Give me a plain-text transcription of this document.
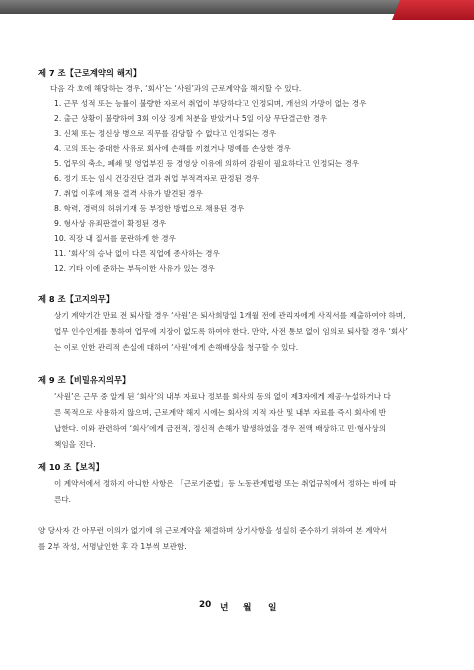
제 7 조【근로계약의 해지】
다음 각 호에 해당하는 경우, ‘회사’는 ‘사원’과의 근로계약을 해지할 수 있다.
1. 근무 성적 또는 능률이 불량한 자로서 취업이 부당하다고 인정되며, 개선의 가망이 없는 경우
2. 출근 상황이 불량하여 3회 이상 징계 처분을 받았거나 5일 이상 무단결근한 경우
3. 신체 또는 정신상 병으로 직무를 감당할 수 없다고 인정되는 경우
4. 고의 또는 중대한 사유로 회사에 손해를 끼쳤거나 명예를 손상한 경우
5. 업무의 축소, 폐쇄 및 영업부진 등 경영상 이유에 의하여 감원이 필요하다고 인정되는 경우
6. 정기 또는 임시 건강진단 결과 취업 부적격자로 판정된 경우
7. 취업 이후에 채용 결격 사유가 발견된 경우
8. 학력, 경력의 허위기재 등 부정한 방법으로 채용된 경우
9. 형사상 유죄판결이 확정된 경우
10. 직장 내 질서를 문란하게 한 경우
11. ‘회사’의 승낙 없이 다른 직업에 종사하는 경우
12. 기타 이에 준하는 부득이한 사유가 있는 경우
제 8 조【고지의무】
상기 계약기간 만료 전 퇴사할 경우 ‘사원’은 퇴사희망일 1개월 전에 관리자에게 사직서를 제출하여야 하며,
업무 인수인계를 통하여 업무에 지장이 없도록 하여야 한다. 만약, 사전 통보 없이 임의로 퇴사할 경우 ‘회사’
는 이로 인한 관리적 손실에 대하여 ‘사원’에게 손해배상을 청구할 수 있다.
제 9 조【비밀유지의무】
‘사원’은 근무 중 알게 된 ‘회사’의 내부 자료나 정보를 회사의 동의 없이 제3자에게 제공·누설하거나 다
른 목적으로 사용하지 않으며, 근로계약 해지 시에는 회사의 지적 자산 및 내부 자료를 즉시 회사에 반
납한다. 이와 관련하여 ‘회사’에게 금전적, 정신적 손해가 발생하였을 경우 전액 배상하고 민·형사상의
책임을 진다.
제 10 조【보칙】
이 계약서에서 정하지 아니한 사항은 「근로기준법」등 노동관계법령 또는 취업규칙에서 정하는 바에 따
른다.
양 당사자 간 아무런 이의가 없기에 위 근로계약을 체결하며 상기사항을 성실히 준수하기 위하여 본 계약서
를 2부 작성, 서명날인한 후 각 1부씩 보관함.
20 년 월 일
